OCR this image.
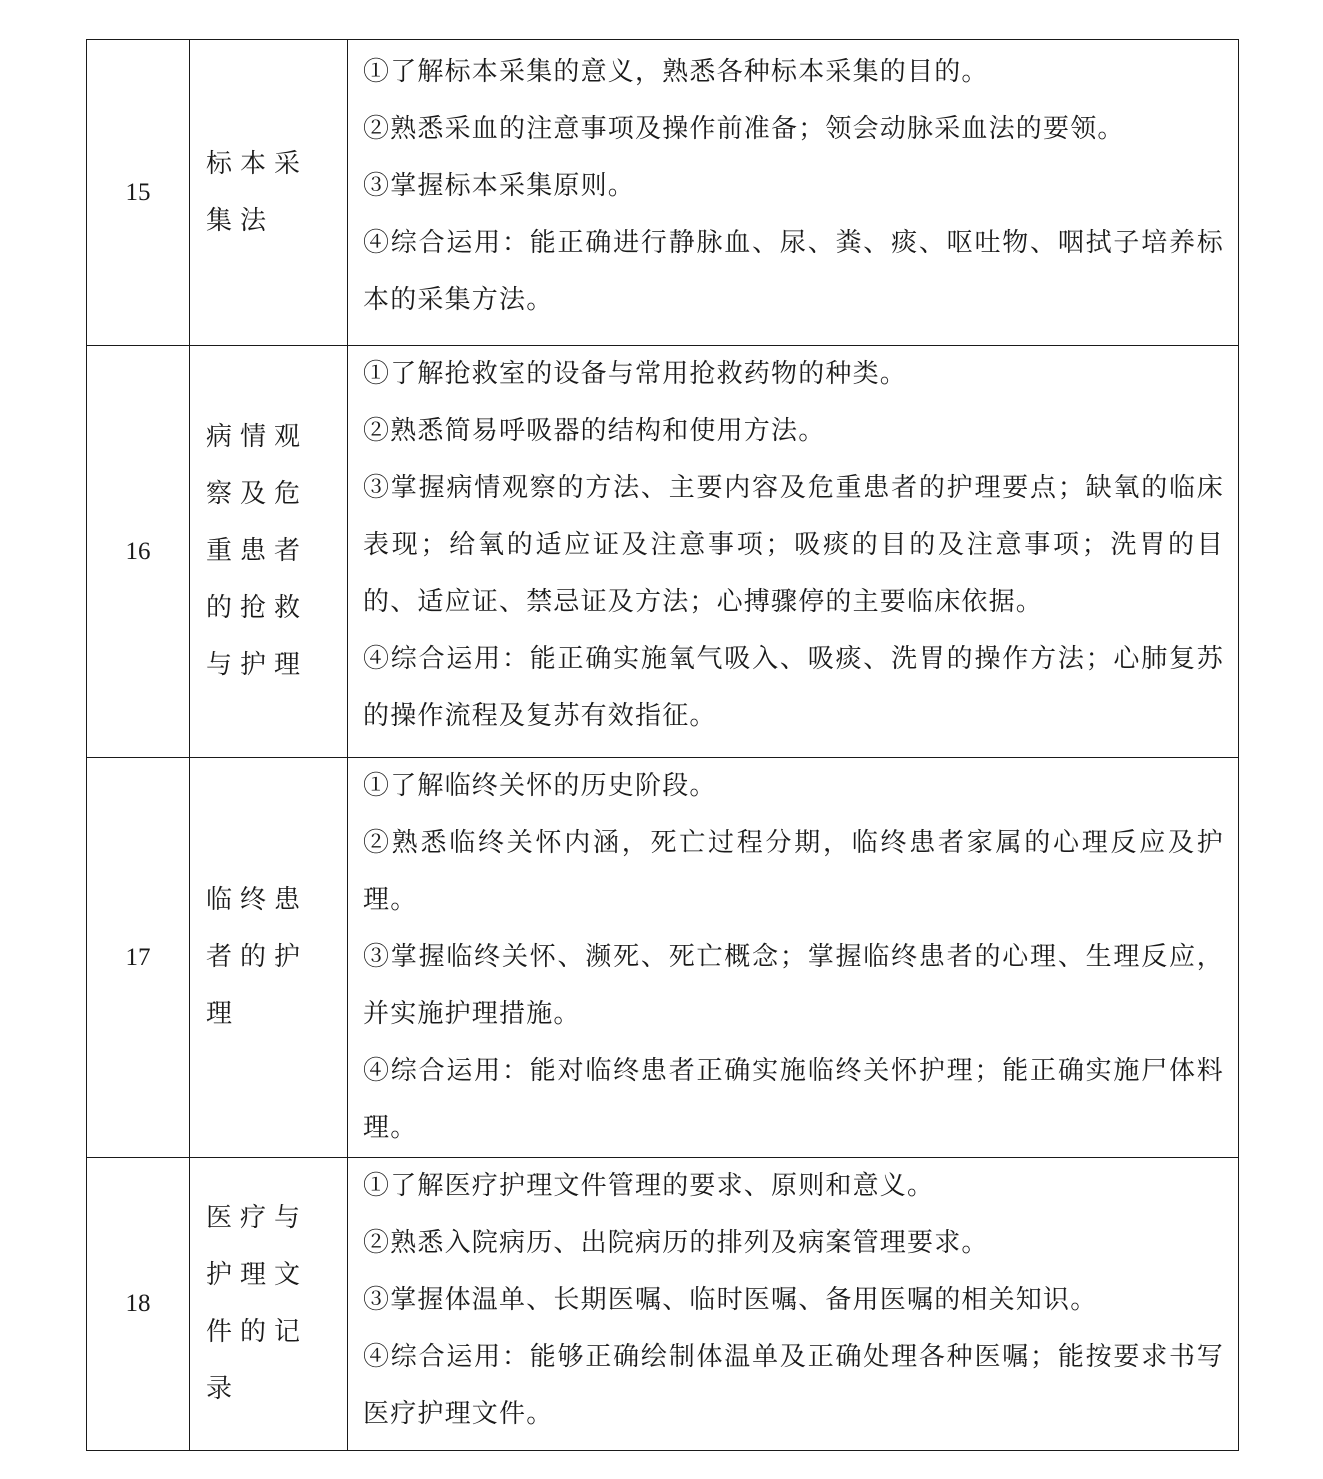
15	标本采集法	①了解标本采集的意义，熟悉各种标本采集的目的。
②熟悉采血的注意事项及操作前准备；领会动脉采血法的要领。
③掌握标本采集原则。
④综合运用：能正确进行静脉血、尿、粪、痰、呕吐物、咽拭子培养标本的采集方法。

16	病情观察及危重患者的抢救与护理	①了解抢救室的设备与常用抢救药物的种类。
②熟悉简易呼吸器的结构和使用方法。
③掌握病情观察的方法、主要内容及危重患者的护理要点；缺氧的临床表现；给氧的适应证及注意事项；吸痰的目的及注意事项；洗胃的目的、适应证、禁忌证及方法；心搏骤停的主要临床依据。
④综合运用：能正确实施氧气吸入、吸痰、洗胃的操作方法；心肺复苏的操作流程及复苏有效指征。

17	临终患者的护理	①了解临终关怀的历史阶段。
②熟悉临终关怀内涵，死亡过程分期，临终患者家属的心理反应及护理。
③掌握临终关怀、濒死、死亡概念；掌握临终患者的心理、生理反应，并实施护理措施。
④综合运用：能对临终患者正确实施临终关怀护理；能正确实施尸体料理。

18	医疗与护理文件的记录	①了解医疗护理文件管理的要求、原则和意义。
②熟悉入院病历、出院病历的排列及病案管理要求。
③掌握体温单、长期医嘱、临时医嘱、备用医嘱的相关知识。
④综合运用：能够正确绘制体温单及正确处理各种医嘱；能按要求书写医疗护理文件。
